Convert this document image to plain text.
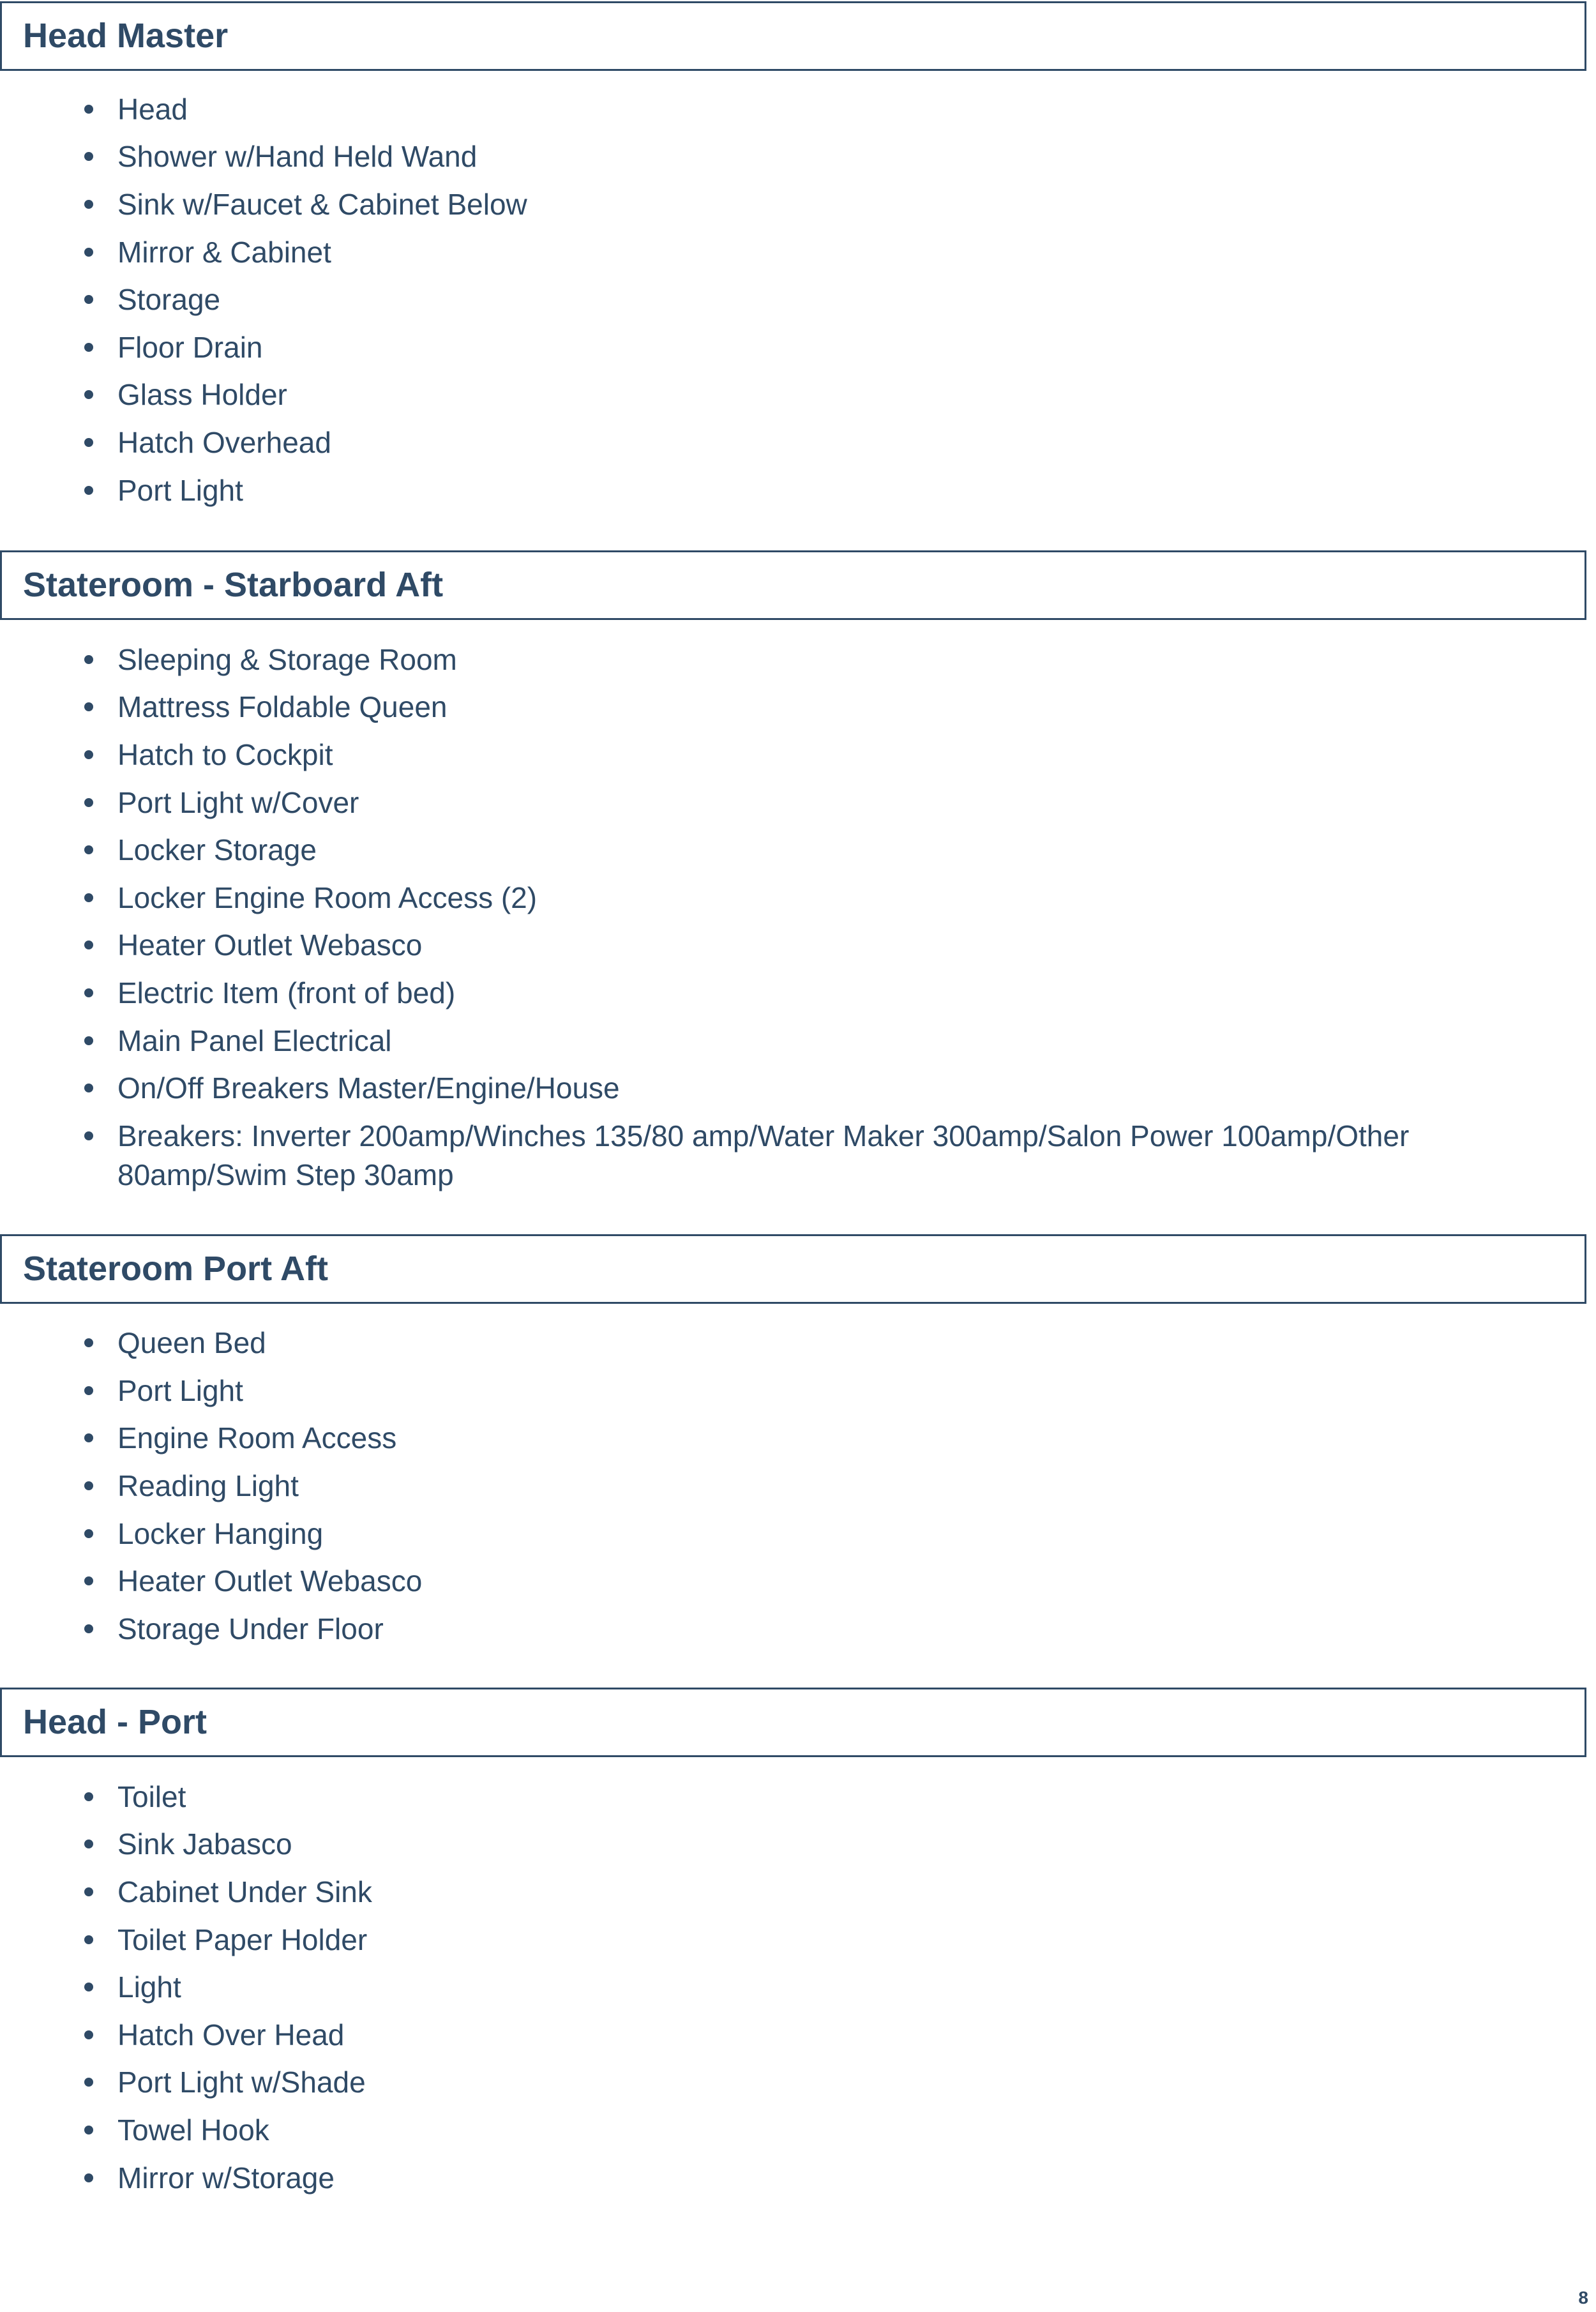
Head Master
Head
Shower w/Hand Held Wand
Sink w/Faucet & Cabinet Below
Mirror & Cabinet
Storage
Floor Drain
Glass Holder
Hatch Overhead
Port Light
Stateroom - Starboard Aft
Sleeping & Storage Room
Mattress Foldable Queen
Hatch to Cockpit
Port Light w/Cover
Locker Storage
Locker Engine Room Access (2)
Heater Outlet Webasco
Electric Item (front of bed)
Main Panel Electrical
On/Off Breakers Master/Engine/House
Breakers: Inverter 200amp/Winches 135/80 amp/Water Maker 300amp/Salon Power 100amp/Other 80amp/Swim Step 30amp
Stateroom Port Aft
Queen Bed
Port Light
Engine Room Access
Reading Light
Locker Hanging
Heater Outlet Webasco
Storage Under Floor
Head - Port
Toilet
Sink Jabasco
Cabinet Under Sink
Toilet Paper Holder
Light
Hatch Over Head
Port Light w/Shade
Towel Hook
Mirror w/Storage
8
